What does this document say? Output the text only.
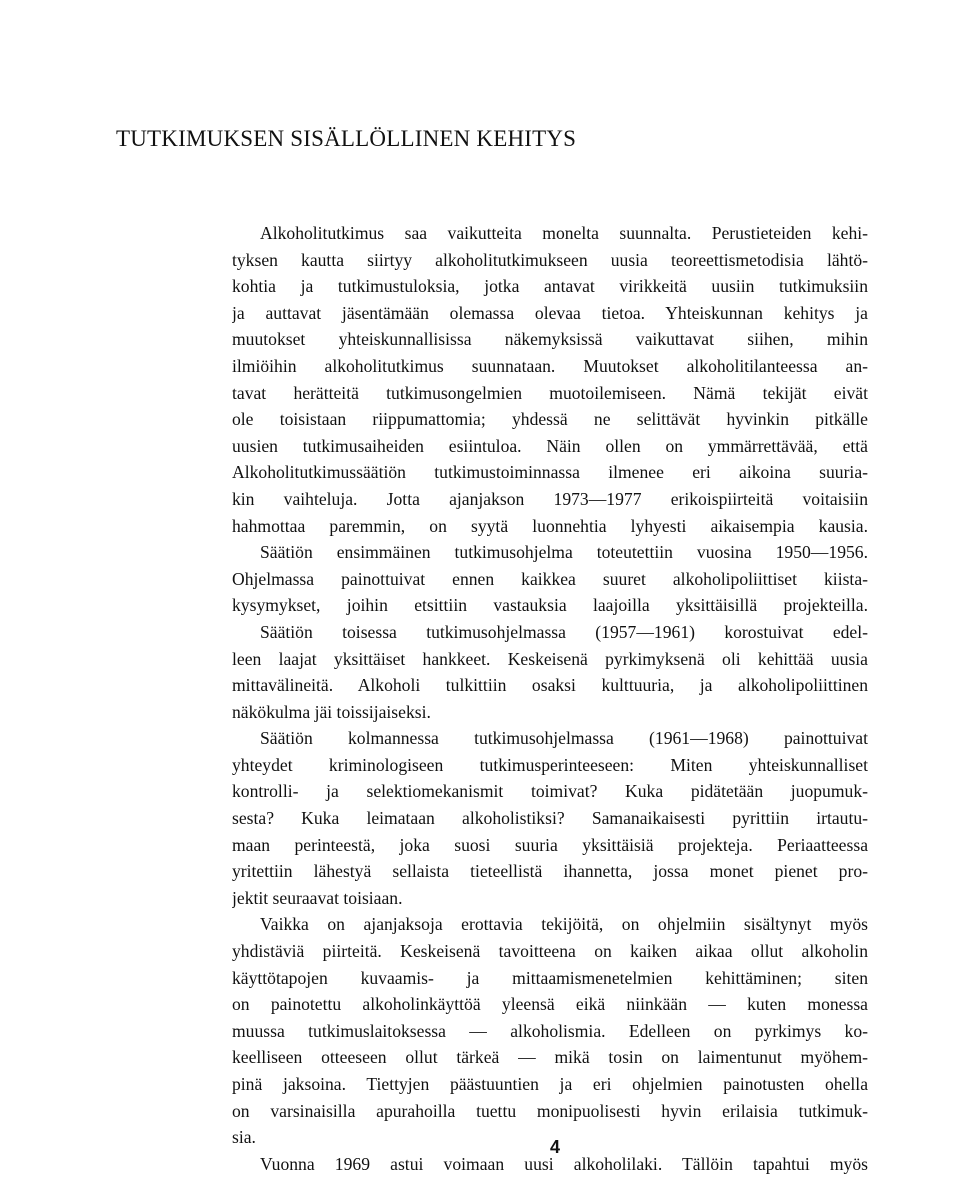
TUTKIMUKSEN SISÄLLÖLLINEN KEHITYS
Alkoholitutkimus saa vaikutteita monelta suunnalta. Perustieteiden kehi-
tyksen kautta siirtyy alkoholitutkimukseen uusia teoreettismetodisia lähtö-
kohtia ja tutkimustuloksia, jotka antavat virikkeitä uusiin tutkimuksiin
ja auttavat jäsentämään olemassa olevaa tietoa. Yhteiskunnan kehitys ja
muutokset yhteiskunnallisissa näkemyksissä vaikuttavat siihen, mihin
ilmiöihin alkoholitutkimus suunnataan. Muutokset alkoholitilanteessa an-
tavat herätteitä tutkimusongelmien muotoilemiseen. Nämä tekijät eivät
ole toisistaan riippumattomia; yhdessä ne selittävät hyvinkin pitkälle
uusien tutkimusaiheiden esiintuloa. Näin ollen on ymmärrettävää, että
Alkoholitutkimussäätiön tutkimustoiminnassa ilmenee eri aikoina suuria-
kin vaihteluja. Jotta ajanjakson 1973—1977 erikoispiirteitä voitaisiin
hahmottaa paremmin, on syytä luonnehtia lyhyesti aikaisempia kausia.
Säätiön ensimmäinen tutkimusohjelma toteutettiin vuosina 1950—1956.
Ohjelmassa painottuivat ennen kaikkea suuret alkoholipoliittiset kiista-
kysymykset, joihin etsittiin vastauksia laajoilla yksittäisillä projekteilla.
Säätiön toisessa tutkimusohjelmassa (1957—1961) korostuivat edel-
leen laajat yksittäiset hankkeet. Keskeisenä pyrkimyksenä oli kehittää uusia
mittavälineitä. Alkoholi tulkittiin osaksi kulttuuria, ja alkoholipoliittinen
näkökulma jäi toissijaiseksi.
Säätiön kolmannessa tutkimusohjelmassa (1961—1968) painottuivat
yhteydet kriminologiseen tutkimusperinteeseen: Miten yhteiskunnalliset
kontrolli- ja selektiomekanismit toimivat? Kuka pidätetään juopumuk-
sesta? Kuka leimataan alkoholistiksi? Samanaikaisesti pyrittiin irtautu-
maan perinteestä, joka suosi suuria yksittäisiä projekteja. Periaatteessa
yritettiin lähestyä sellaista tieteellistä ihannetta, jossa monet pienet pro-
jektit seuraavat toisiaan.
Vaikka on ajanjaksoja erottavia tekijöitä, on ohjelmiin sisältynyt myös
yhdistäviä piirteitä. Keskeisenä tavoitteena on kaiken aikaa ollut alkoholin
käyttötapojen kuvaamis- ja mittaamismenetelmien kehittäminen; siten
on painotettu alkoholinkäyttöä yleensä eikä niinkään — kuten monessa
muussa tutkimuslaitoksessa — alkoholismia. Edelleen on pyrkimys ko-
keelliseen otteeseen ollut tärkeä — mikä tosin on laimentunut myöhem-
pinä jaksoina. Tiettyjen päästuuntien ja eri ohjelmien painotusten ohella
on varsinaisilla apurahoilla tuettu monipuolisesti hyvin erilaisia tutkimuk-
sia.
Vuonna 1969 astui voimaan uusi alkoholilaki. Tällöin tapahtui myös
4
